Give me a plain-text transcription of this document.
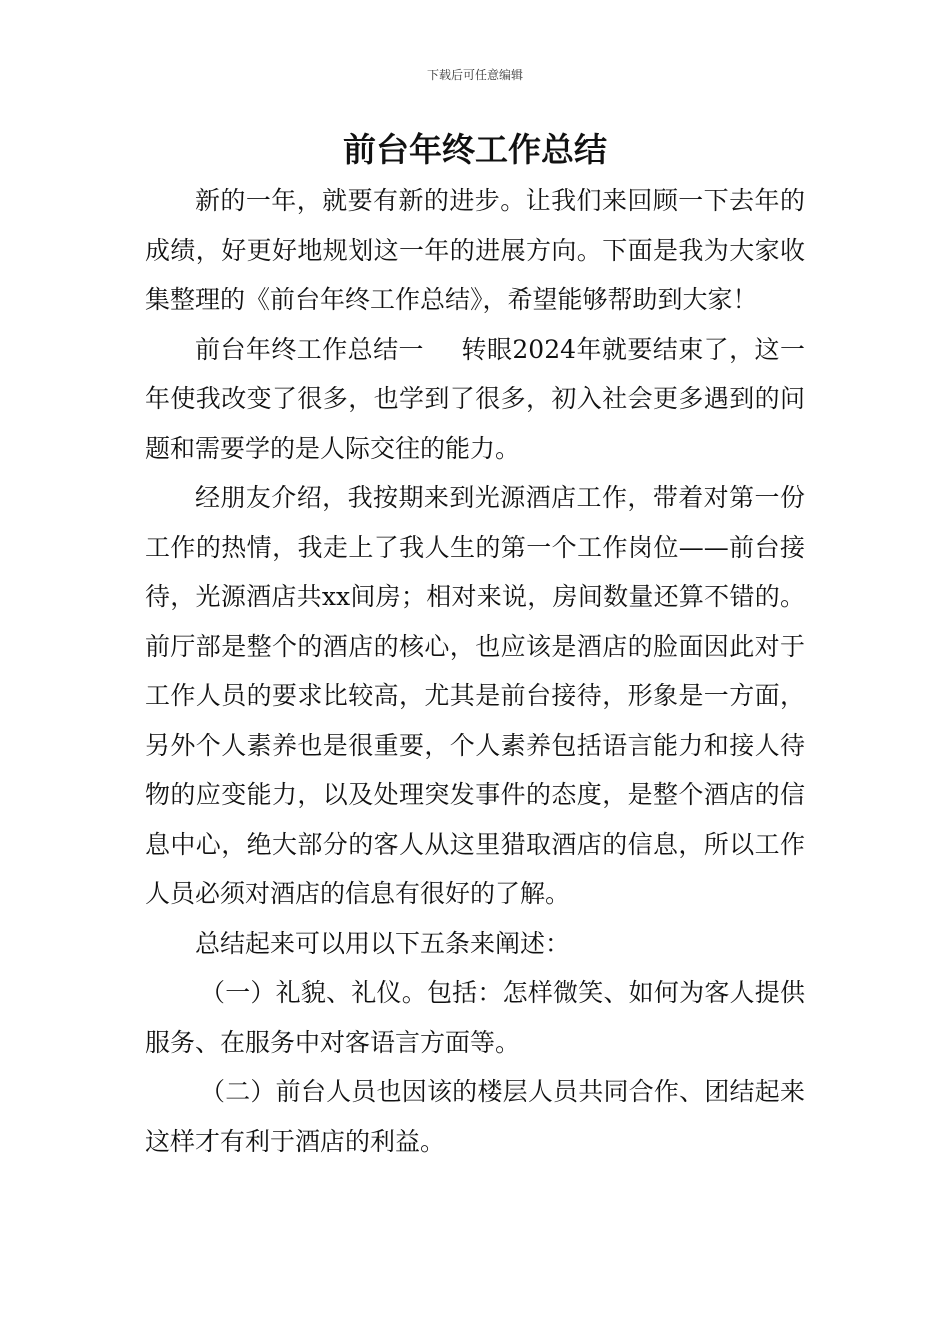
下载后可任意编辑
前台年终工作总结

新的一年，就要有新的进步。让我们来回顾一下去年的成绩，好更好地规划这一年的进展方向。下面是我为大家收集整理的《前台年终工作总结》，希望能够帮助到大家！

前台年终工作总结一 转眼2024年就要结束了，这一年使我改变了很多，也学到了很多，初入社会更多遇到的问题和需要学的是人际交往的能力。

经朋友介绍，我按期来到光源酒店工作，带着对第一份工作的热情，我走上了我人生的第一个工作岗位——前台接待，光源酒店共xx间房；相对来说，房间数量还算不错的。前厅部是整个的酒店的核心，也应该是酒店的脸面因此对于工作人员的要求比较高，尤其是前台接待，形象是一方面，另外个人素养也是很重要，个人素养包括语言能力和接人待物的应变能力，以及处理突发事件的态度，是整个酒店的信息中心，绝大部分的客人从这里猎取酒店的信息，所以工作人员必须对酒店的信息有很好的了解。

总结起来可以用以下五条来阐述：

（一）礼貌、礼仪。包括：怎样微笑、如何为客人提供服务、在服务中对客语言方面等。

（二）前台人员也因该的楼层人员共同合作、团结起来这样才有利于酒店的利益。
